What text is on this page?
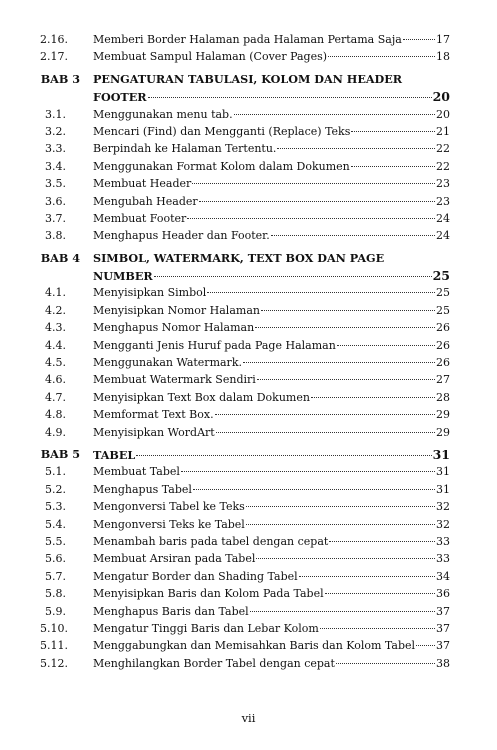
2.16. Memberi Border Halaman pada Halaman Pertama Saja	17
2.17. Membuat Sampul Halaman (Cover Pages)	18
BAB 3 PENGATURAN TABULASI, KOLOM DAN HEADER
FOOTER	20
3.1. Menggunakan menu tab.	20
3.2. Mencari (Find) dan Mengganti (Replace) Teks	21
3.3. Berpindah ke Halaman Tertentu.	22
3.4. Menggunakan Format Kolom dalam Dokumen	22
3.5. Membuat Header	23
3.6. Mengubah Header	23
3.7. Membuat Footer	24
3.8. Menghapus Header dan Footer.	24
BAB 4 SIMBOL, WATERMARK, TEXT BOX DAN PAGE
NUMBER	25
4.1. Menyisipkan Simbol	25
4.2. Menyisipkan Nomor Halaman	25
4.3. Menghapus Nomor Halaman	26
4.4. Mengganti Jenis Huruf pada Page Halaman	26
4.5. Menggunakan Watermark.	26
4.6. Membuat Watermark Sendiri	27
4.7. Menyisipkan Text Box dalam Dokumen	28
4.8. Memformat Text Box.	29
4.9. Menyisipkan WordArt	29
BAB 5 TABEL	31
5.1. Membuat Tabel	31
5.2. Menghapus Tabel	31
5.3. Mengonversi Tabel ke Teks	32
5.4. Mengonversi Teks ke Tabel	32
5.5. Menambah baris pada tabel dengan cepat	33
5.6. Membuat Arsiran pada Tabel	33
5.7. Mengatur Border dan Shading Tabel	34
5.8. Menyisipkan Baris dan Kolom Pada Tabel	36
5.9. Menghapus Baris dan Tabel	37
5.10. Mengatur Tinggi Baris dan Lebar Kolom	37
5.11. Menggabungkan dan Memisahkan Baris dan Kolom Tabel 37
5.12. Menghilangkan Border Tabel dengan cepat	38
vii
